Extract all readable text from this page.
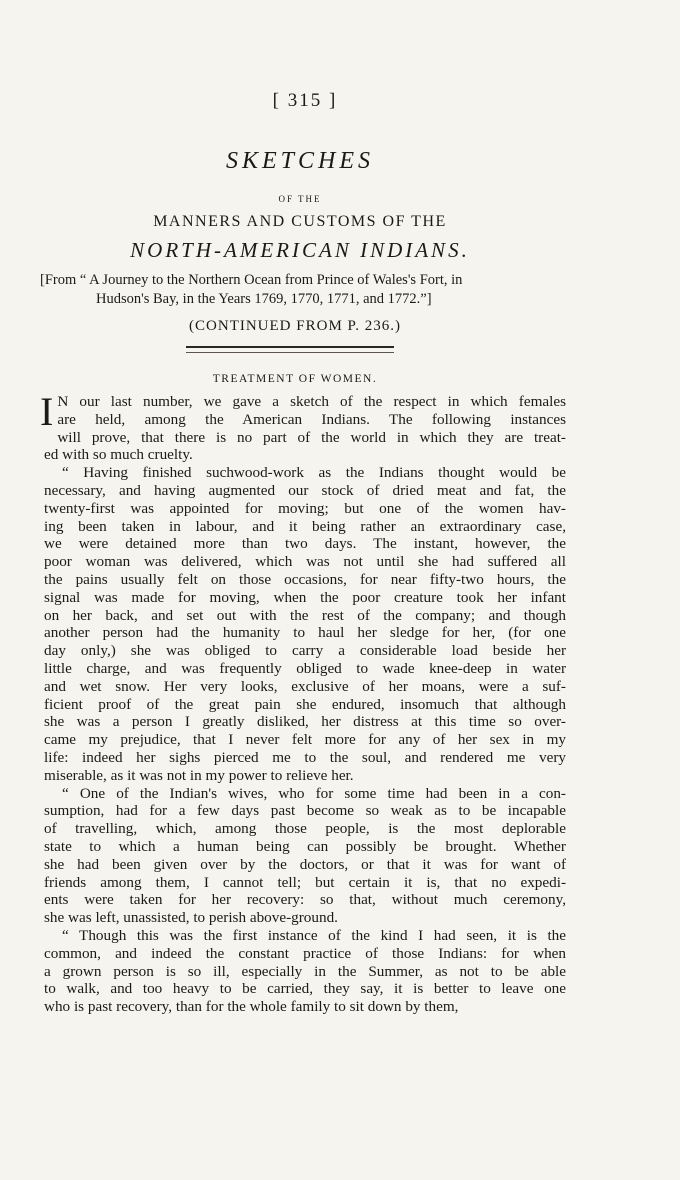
[ 315 ]
SKETCHES
OF THE
MANNERS AND CUSTOMS OF THE
NORTH-AMERICAN INDIANS.
[From “ A Journey to the Northern Ocean from Prince of Wales's Fort, in
Hudson's Bay, in the Years 1769, 1770, 1771, and 1772.”]
(CONTINUED FROM P. 236.)
TREATMENT OF WOMEN.
I N our last number, we gave a sketch of the respect in which females
are held, among the American Indians. The following instances
will prove, that there is no part of the world in which they are treat-
ed with so much cruelty.
“ Having finished suchwood-work as the Indians thought would be
necessary, and having augmented our stock of dried meat and fat, the
twenty-first was appointed for moving; but one of the women hav-
ing been taken in labour, and it being rather an extraordinary case,
we were detained more than two days. The instant, however, the
poor woman was delivered, which was not until she had suffered all
the pains usually felt on those occasions, for near fifty-two hours, the
signal was made for moving, when the poor creature took her infant
on her back, and set out with the rest of the company; and though
another person had the humanity to haul her sledge for her, (for one
day only,) she was obliged to carry a considerable load beside her
little charge, and was frequently obliged to wade knee-deep in water
and wet snow. Her very looks, exclusive of her moans, were a suf-
ficient proof of the great pain she endured, insomuch that although
she was a person I greatly disliked, her distress at this time so over-
came my prejudice, that I never felt more for any of her sex in my
life: indeed her sighs pierced me to the soul, and rendered me very
miserable, as it was not in my power to relieve her.
“ One of the Indian's wives, who for some time had been in a con-
sumption, had for a few days past become so weak as to be incapable
of travelling, which, among those people, is the most deplorable
state to which a human being can possibly be brought. Whether
she had been given over by the doctors, or that it was for want of
friends among them, I cannot tell; but certain it is, that no expedi-
ents were taken for her recovery: so that, without much ceremony,
she was left, unassisted, to perish above-ground.
“ Though this was the first instance of the kind I had seen, it is the
common, and indeed the constant practice of those Indians: for when
a grown person is so ill, especially in the Summer, as not to be able
to walk, and too heavy to be carried, they say, it is better to leave one
who is past recovery, than for the whole family to sit down by them,
